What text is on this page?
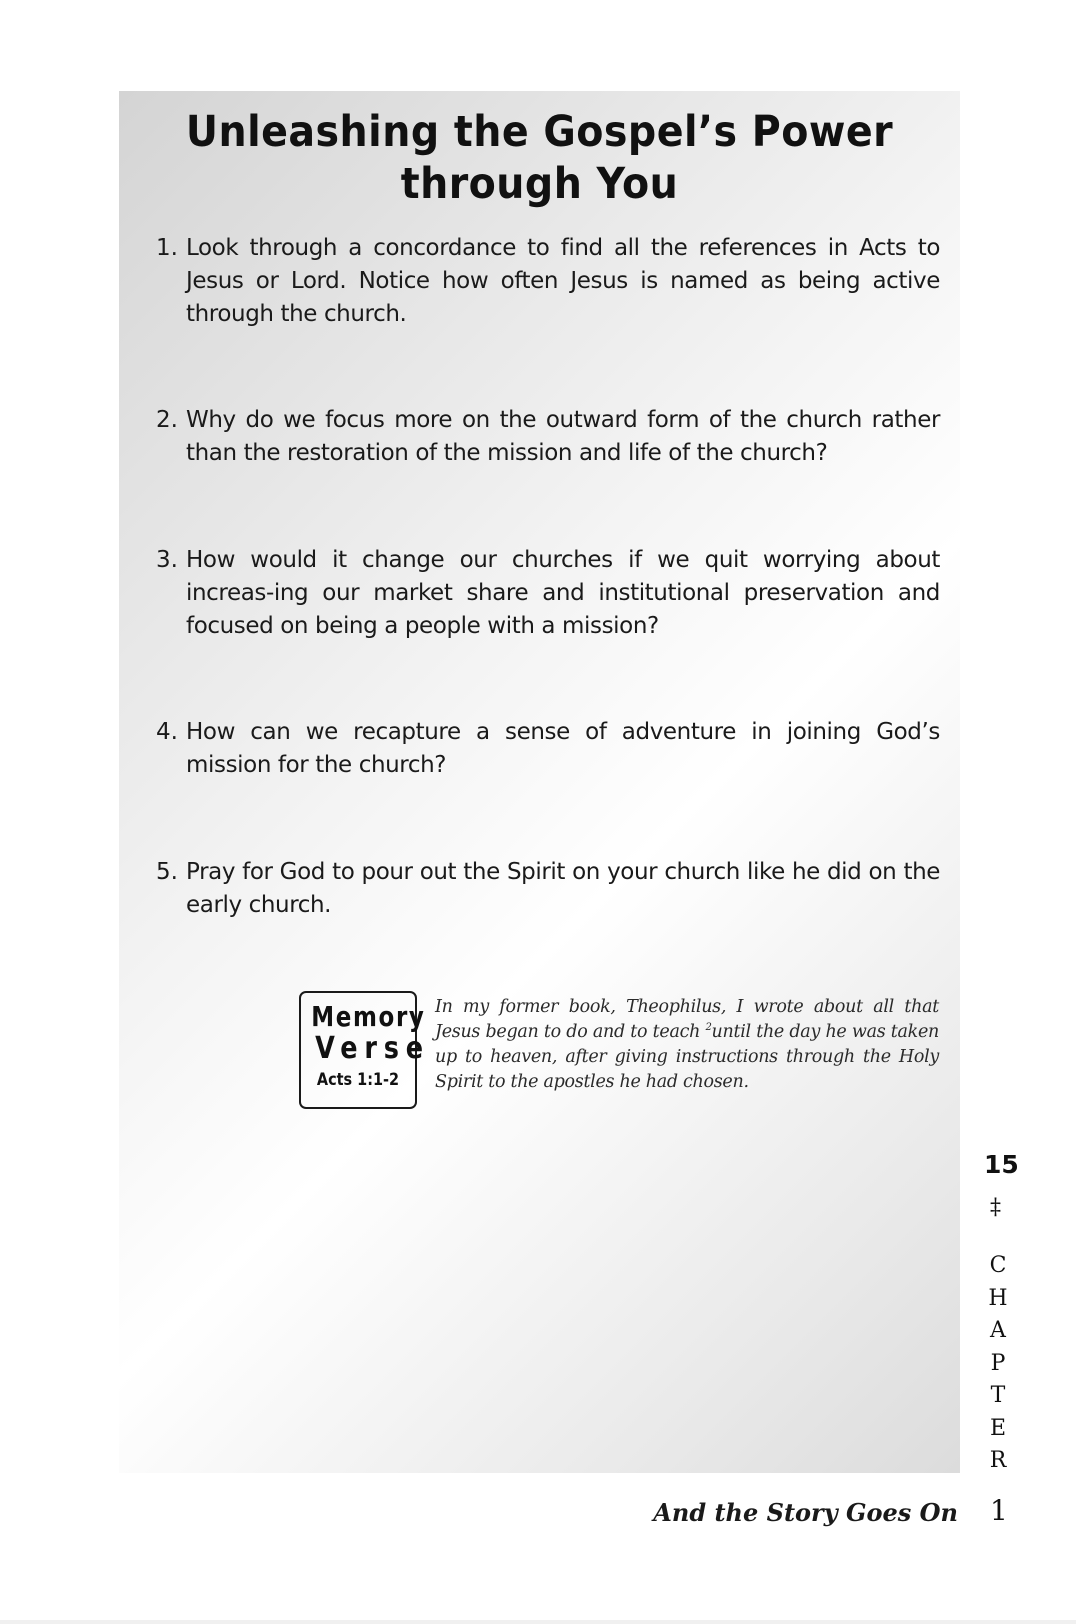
Unleashing the Gospel’s Power
through You
1. Look through a concordance to find all the references in Acts to Jesus or Lord. Notice how often Jesus is named as being active through the church.
2. Why do we focus more on the outward form of the church rather than the restoration of the mission and life of the church?
3. How would it change our churches if we quit worrying about increas-ing our market share and institutional preservation and focused on being a people with a mission?
4. How can we recapture a sense of adventure in joining God’s mission for the church?
5. Pray for God to pour out the Spirit on your church like he did on the early church.
Memory
Verse
Acts 1:1-2
In my former book, Theophilus, I wrote about all that Jesus began to do and to teach $^2$until the day he was taken up to heaven, after giving instructions through the Holy Spirit to the apostles he had chosen.
15
‡
C
H
A
P
T
E
R
And the Story Goes On 1
